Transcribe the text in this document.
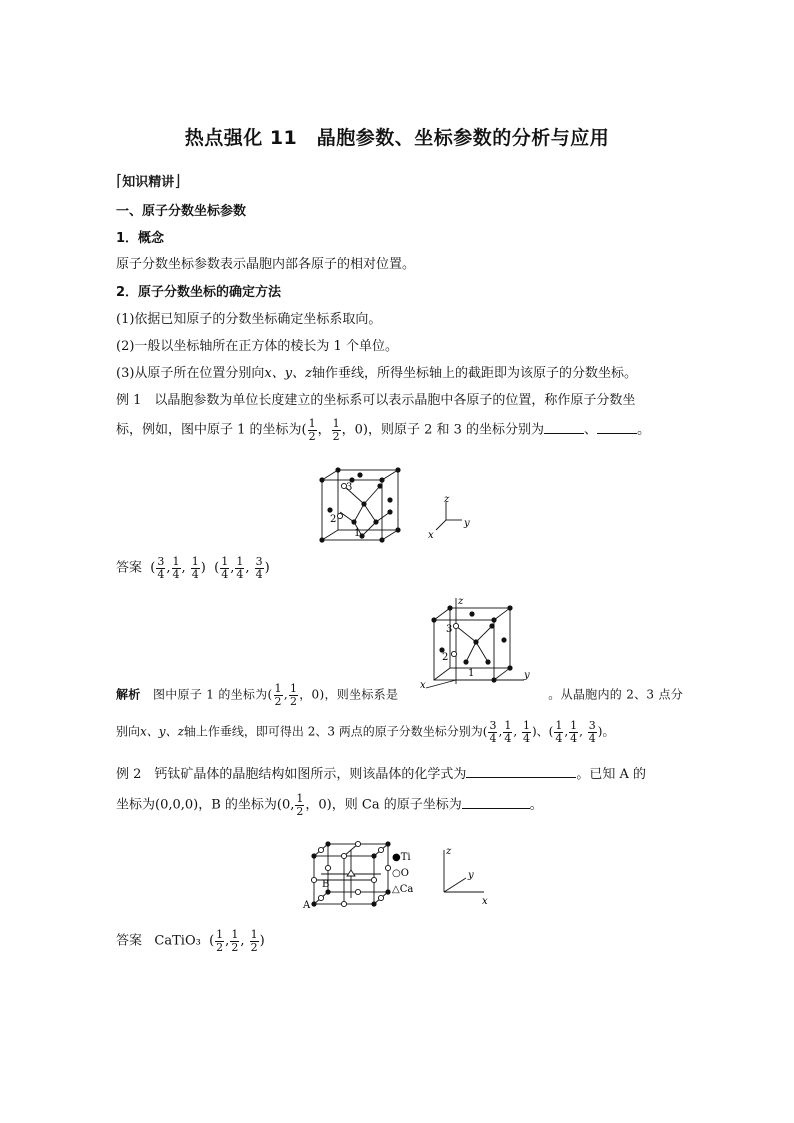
热点强化 11　晶胞参数、坐标参数的分析与应用
⌈知识精讲⌋
一、原子分数坐标参数
1．概念
原子分数坐标参数表示晶胞内部各原子的相对位置。
2．原子分数坐标的确定方法
(1)依据已知原子的分数坐标确定坐标系取向。
(2)一般以坐标轴所在正方体的棱长为 1 个单位。
(3)从原子所在位置分别向x、y、z轴作垂线，所得坐标轴上的截距即为该原子的分数坐标。
例 1　以晶胞参数为单位长度建立的坐标系可以表示晶胞中各原子的位置，称作原子分数坐
标，例如，图中原子 1 的坐标为( $\frac{1}{2}$ ， $\frac{1}{2}$ ，0)，则原子 2 和 3 的坐标分别为	、	。
3
2
1
z
y
x
答案  ( $\frac{3}{4}$ , $\frac{1}{4}$ , $\frac{1}{4}$ )  ( $\frac{1}{4}$ , $\frac{1}{4}$ , $\frac{3}{4}$ )
3
2
1
z
y
x
解析 图中原子 1 的坐标为( $\frac{1}{2}$ , $\frac{1}{2}$ ，0)，则坐标系是	。从晶胞内的 2、3 点分
别向x、y、z轴上作垂线，即可得出 2、3 两点的原子分数坐标分别为( $\frac{3}{4}$ , $\frac{1}{4}$ , $\frac{1}{4}$ )、( $\frac{1}{4}$ , $\frac{1}{4}$ , $\frac{3}{4}$ )。
例 2　钙钛矿晶体的晶胞结构如图所示，则该晶体的化学式为	。已知 A 的
坐标为(0,0,0)，B 的坐标为(0, $\frac{1}{2}$ ，0)，则 Ca 的原子坐标为	。
B
A
●Ti
○O
△Ca
z
y
x
答案 CaTiO₃  ( $\frac{1}{2}$ , $\frac{1}{2}$ , $\frac{1}{2}$ )
